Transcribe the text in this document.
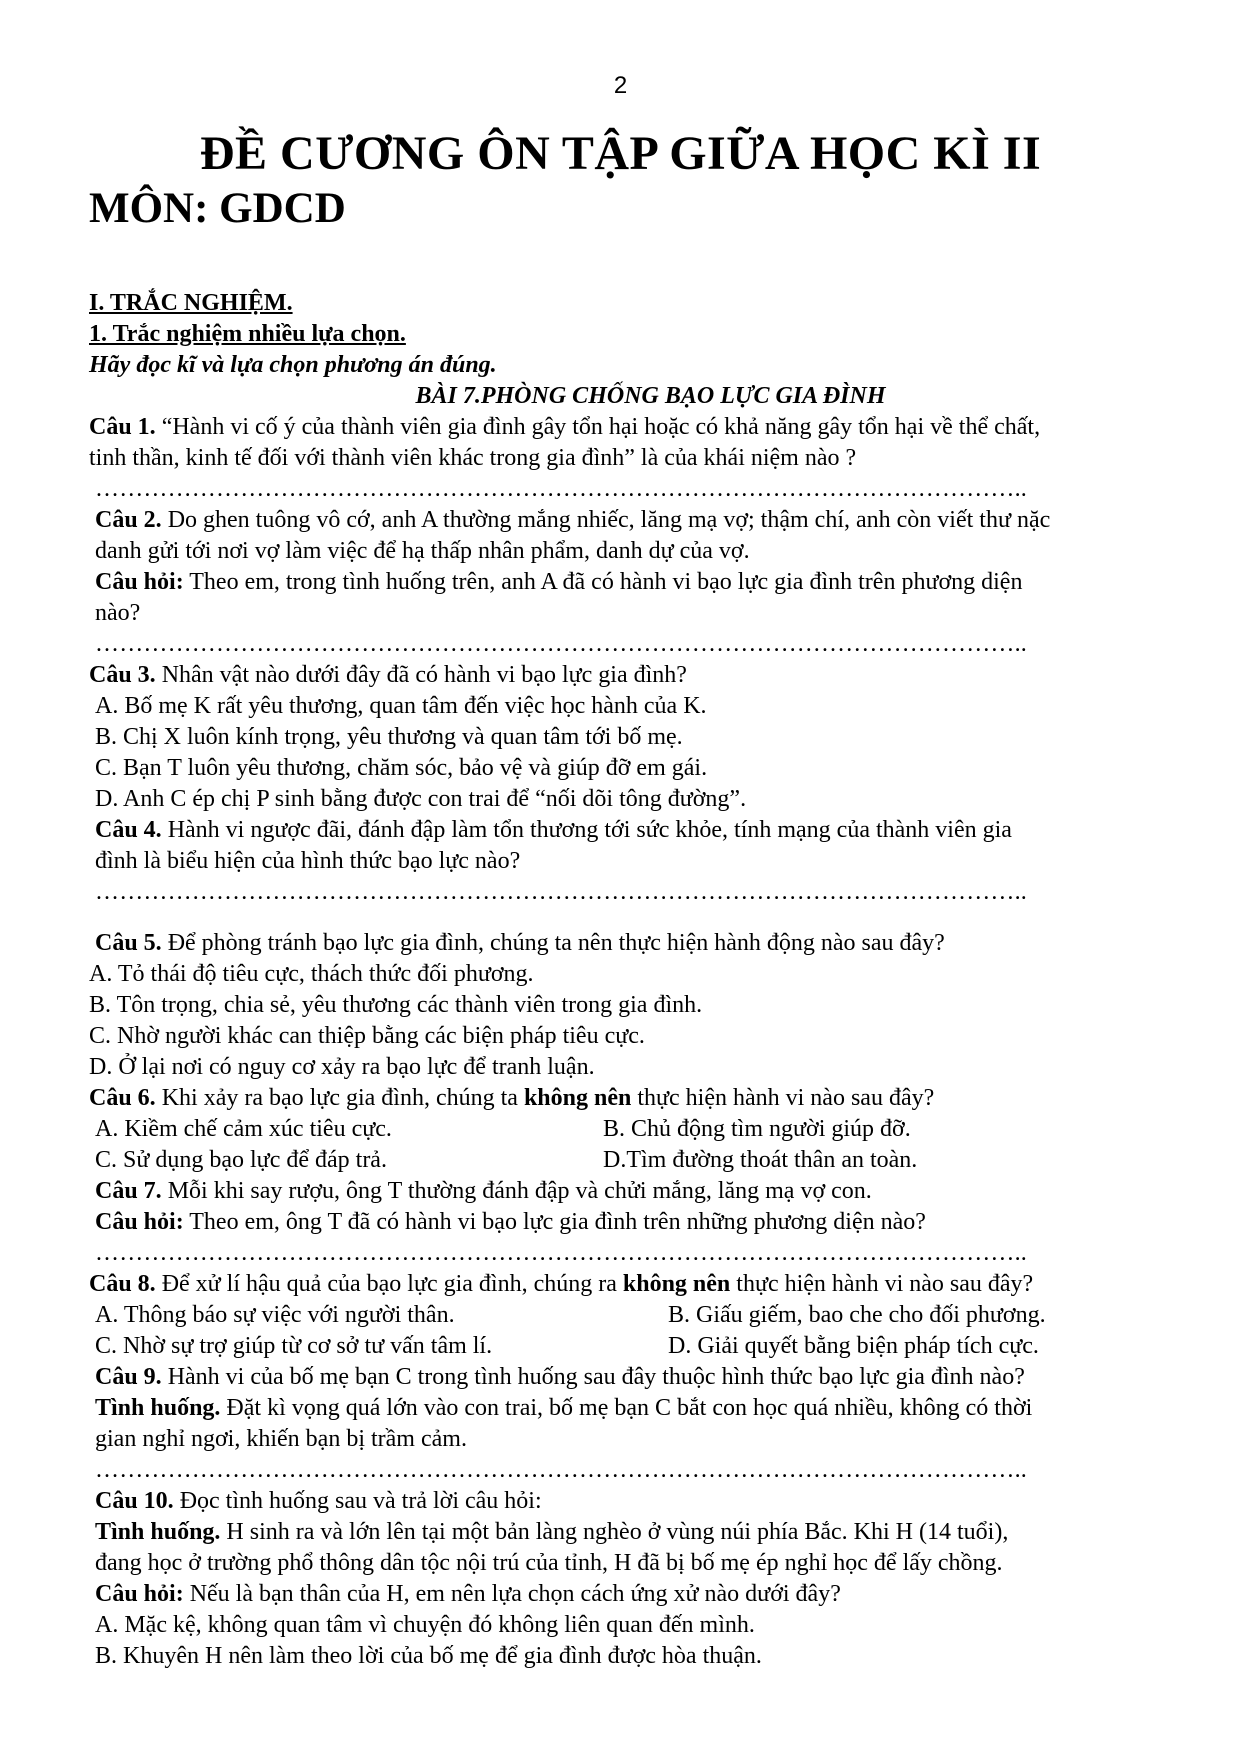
2
ĐỀ CƯƠNG ÔN TẬP GIỮA HỌC KÌ II
MÔN: GDCD
I. TRẮC NGHIỆM.
1. Trắc nghiệm nhiều lựa chọn.
Hãy đọc kĩ và lựa chọn phương án đúng.
BÀI 7.PHÒNG CHỐNG BẠO LỰC GIA ĐÌNH
Câu 1. “Hành vi cố ý của thành viên gia đình gây tổn hại hoặc có khả năng gây tổn hại về thể chất,
tinh thần, kinh tế đối với thành viên khác trong gia đình” là của khái niệm nào ?
……………………………………………………………………………………………………..
Câu 2. Do ghen tuông vô cớ, anh A thường mắng nhiếc, lăng mạ vợ; thậm chí, anh còn viết thư nặc
danh gửi tới nơi vợ làm việc để hạ thấp nhân phẩm, danh dự của vợ.
Câu hỏi: Theo em, trong tình huống trên, anh A đã có hành vi bạo lực gia đình trên phương diện
nào?
……………………………………………………………………………………………………..
Câu 3. Nhân vật nào dưới đây đã có hành vi bạo lực gia đình?
A. Bố mẹ K rất yêu thương, quan tâm đến việc học hành của K.
B. Chị X luôn kính trọng, yêu thương và quan tâm tới bố mẹ.
C. Bạn T luôn yêu thương, chăm sóc, bảo vệ và giúp đỡ em gái.
D. Anh C ép chị P sinh bằng được con trai để “nối dõi tông đường”.
Câu 4. Hành vi ngược đãi, đánh đập làm tổn thương tới sức khỏe, tính mạng của thành viên gia
đình là biểu hiện của hình thức bạo lực nào?
……………………………………………………………………………………………………..
Câu 5. Để phòng tránh bạo lực gia đình, chúng ta nên thực hiện hành động nào sau đây?
A. Tỏ thái độ tiêu cực, thách thức đối phương.
B. Tôn trọng, chia sẻ, yêu thương các thành viên trong gia đình.
C. Nhờ người khác can thiệp bằng các biện pháp tiêu cực.
D. Ở lại nơi có nguy cơ xảy ra bạo lực để tranh luận.
Câu 6. Khi xảy ra bạo lực gia đình, chúng ta không nên thực hiện hành vi nào sau đây?
A. Kiềm chế cảm xúc tiêu cực.	B. Chủ động tìm người giúp đỡ.
C. Sử dụng bạo lực để đáp trả.	D.Tìm đường thoát thân an toàn.
Câu 7. Mỗi khi say rượu, ông T thường đánh đập và chửi mắng, lăng mạ vợ con.
Câu hỏi: Theo em, ông T đã có hành vi bạo lực gia đình trên những phương diện nào?
……………………………………………………………………………………………………..
Câu 8. Để xử lí hậu quả của bạo lực gia đình, chúng ra không nên thực hiện hành vi nào sau đây?
A. Thông báo sự việc với người thân.	B. Giấu giếm, bao che cho đối phương.
C. Nhờ sự trợ giúp từ cơ sở tư vấn tâm lí.	D. Giải quyết bằng biện pháp tích cực.
Câu 9. Hành vi của bố mẹ bạn C trong tình huống sau đây thuộc hình thức bạo lực gia đình nào?
Tình huống. Đặt kì vọng quá lớn vào con trai, bố mẹ bạn C bắt con học quá nhiều, không có thời
gian nghỉ ngơi, khiến bạn bị trầm cảm.
……………………………………………………………………………………………………..
Câu 10. Đọc tình huống sau và trả lời câu hỏi:
Tình huống. H sinh ra và lớn lên tại một bản làng nghèo ở vùng núi phía Bắc. Khi H (14 tuổi),
đang học ở trường phổ thông dân tộc nội trú của tỉnh, H đã bị bố mẹ ép nghỉ học để lấy chồng.
Câu hỏi: Nếu là bạn thân của H, em nên lựa chọn cách ứng xử nào dưới đây?
A. Mặc kệ, không quan tâm vì chuyện đó không liên quan đến mình.
B. Khuyên H nên làm theo lời của bố mẹ để gia đình được hòa thuận.
